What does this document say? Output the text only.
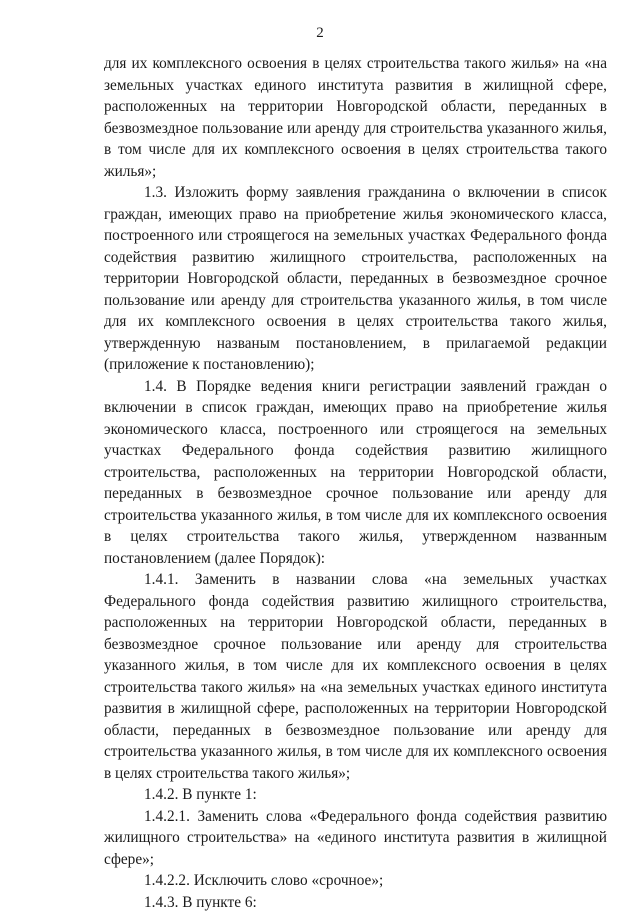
2

для их комплексного освоения в целях строительства такого жилья» на «на земельных участках единого института развития в жилищной сфере, расположенных на территории Новгородской области, переданных в безвозмездное пользование или аренду для строительства указанного жилья, в том числе для их комплексного освоения в целях строительства такого жилья»;

1.3. Изложить форму заявления гражданина о включении в список граждан, имеющих право на приобретение жилья экономического класса, построенного или строящегося на земельных участках Федерального фонда содействия развитию жилищного строительства, расположенных на территории Новгородской области, переданных в безвозмездное срочное пользование или аренду для строительства указанного жилья, в том числе для их комплексного освоения в целях строительства такого жилья, утвержденную названым постановлением, в прилагаемой редакции (приложение к постановлению);

1.4. В Порядке ведения книги регистрации заявлений граждан о включении в список граждан, имеющих право на приобретение жилья экономического класса, построенного или строящегося на земельных участках Федерального фонда содействия развитию жилищного строительства, расположенных на территории Новгородской области, переданных в безвозмездное срочное пользование или аренду для строительства указанного жилья, в том числе для их комплексного освоения в целях строительства такого жилья, утвержденном названным постановлением (далее Порядок):

1.4.1. Заменить в названии слова «на земельных участках Федерального фонда содействия развитию жилищного строительства, расположенных на территории Новгородской области, переданных в безвозмездное срочное пользование или аренду для строительства указанного жилья, в том числе для их комплексного освоения в целях строительства такого жилья» на «на земельных участках единого института развития в жилищной сфере, расположенных на территории Новгородской области, переданных в безвозмездное пользование или аренду для строительства указанного жилья, в том числе для их комплексного освоения в целях строительства такого жилья»;

1.4.2. В пункте 1:

1.4.2.1. Заменить слова «Федерального фонда содействия развитию жилищного строительства» на «единого института развития в жилищной сфере»;

1.4.2.2. Исключить слово «срочное»;

1.4.3. В пункте 6:
